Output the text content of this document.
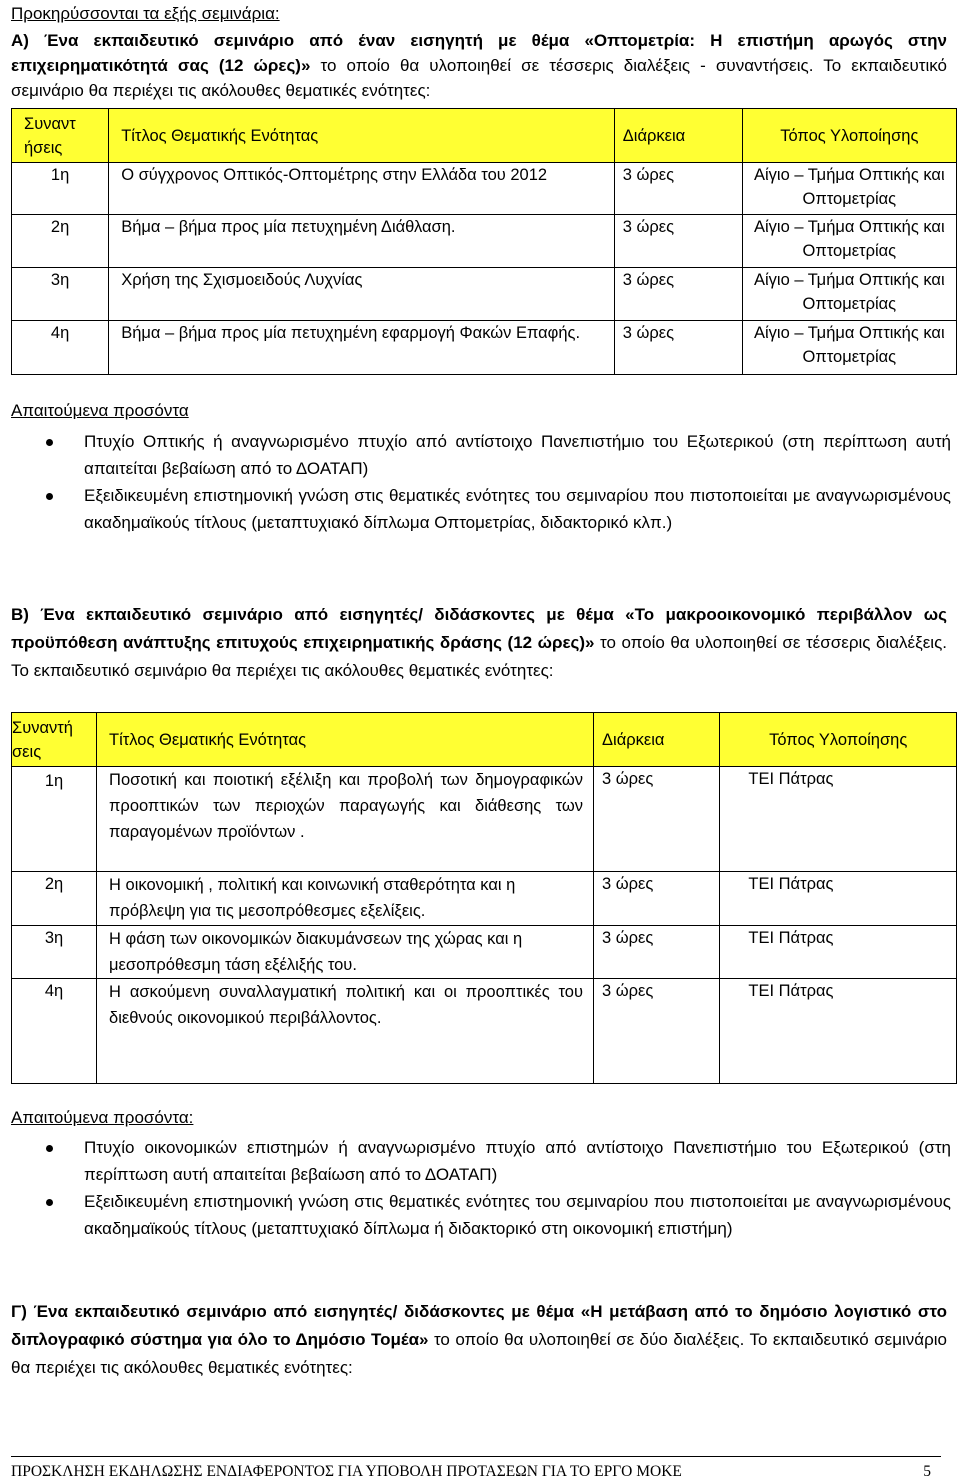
Προκηρύσσονται τα εξής σεμινάρια:

Α) Ένα εκπαιδευτικό σεμινάριο από έναν εισηγητή με θέμα «Οπτομετρία: Η επιστήμη αρωγός στην επιχειρηματικότητά σας (12 ώρες)» το οποίο θα υλοποιηθεί σε τέσσερις διαλέξεις - συναντήσεις. Το εκπαιδευτικό σεμινάριο θα περιέχει τις ακόλουθες θεματικές ενότητες:

Συναντ ήσεις	Τίτλος Θεματικής Ενότητας	Διάρκεια	Τόπος Υλοποίησης
1η	Ο σύγχρονος Οπτικός-Οπτομέτρης στην Ελλάδα του 2012	3 ώρες	Αίγιο – Τμήμα Οπτικής και Οπτομετρίας
2η	Βήμα – βήμα προς μία πετυχημένη Διάθλαση.	3 ώρες	Αίγιο – Τμήμα Οπτικής και Οπτομετρίας
3η	Χρήση της Σχισμοειδούς Λυχνίας	3 ώρες	Αίγιο – Τμήμα Οπτικής και Οπτομετρίας
4η	Βήμα – βήμα προς μία πετυχημένη εφαρμογή Φακών Επαφής.	3 ώρες	Αίγιο – Τμήμα Οπτικής και Οπτομετρίας
Απαιτούμενα προσόντα
Πτυχίο Οπτικής ή αναγνωρισμένο πτυχίο από αντίστοιχο Πανεπιστήμιο του Εξωτερικού (στη περίπτωση αυτή απαιτείται βεβαίωση από το ΔΟΑΤΑΠ)
Εξειδικευμένη επιστημονική γνώση στις θεματικές ενότητες του σεμιναρίου που πιστοποιείται με αναγνωρισμένους ακαδημαϊκούς τίτλους (μεταπτυχιακό δίπλωμα Οπτομετρίας, διδακτορικό κλπ.)

Β) Ένα εκπαιδευτικό σεμινάριο από εισηγητές/ διδάσκοντες με θέμα «Το μακροοικονομικό περιβάλλον ως προϋπόθεση ανάπτυξης επιτυχούς επιχειρηματικής δράσης (12 ώρες)» το οποίο θα υλοποιηθεί σε τέσσερις διαλέξεις. Το εκπαιδευτικό σεμινάριο θα περιέχει τις ακόλουθες θεματικές ενότητες:

Συναντή σεις	Τίτλος Θεματικής Ενότητας	Διάρκεια	Τόπος Υλοποίησης
1η	Ποσοτική και ποιοτική εξέλιξη και προβολή των δημογραφικών προοπτικών των περιοχών παραγωγής και διάθεσης των παραγομένων προϊόντων .	3 ώρες	ΤΕΙ Πάτρας
2η	Η οικονομική , πολιτική και κοινωνική σταθερότητα και η πρόβλεψη για τις μεσοπρόθεσμες εξελίξεις.	3 ώρες	ΤΕΙ Πάτρας
3η	Η φάση των οικονομικών διακυμάνσεων της χώρας και η μεσοπρόθεσμη τάση εξέλιξής του.	3 ώρες	ΤΕΙ Πάτρας
4η	Η ασκούμενη συναλλαγματική πολιτική και οι προοπτικές του διεθνούς οικονομικού περιβάλλοντος.	3 ώρες	ΤΕΙ Πάτρας
Απαιτούμενα προσόντα:
Πτυχίο οικονομικών επιστημών ή αναγνωρισμένο πτυχίο από αντίστοιχο Πανεπιστήμιο του Εξωτερικού (στη περίπτωση αυτή απαιτείται βεβαίωση από το ΔΟΑΤΑΠ)
Εξειδικευμένη επιστημονική γνώση στις θεματικές ενότητες του σεμιναρίου που πιστοποιείται με αναγνωρισμένους ακαδημαϊκούς τίτλους (μεταπτυχιακό δίπλωμα ή διδακτορικό στη οικονομική επιστήμη)

Γ) Ένα εκπαιδευτικό σεμινάριο από εισηγητές/ διδάσκοντες με θέμα «Η μετάβαση από το δημόσιο λογιστικό στο διπλογραφικό σύστημα για όλο το Δημόσιο Τομέα» το οποίο θα υλοποιηθεί σε δύο διαλέξεις. Το εκπαιδευτικό σεμινάριο θα περιέχει τις ακόλουθες θεματικές ενότητες:

ΠΡΟΣΚΛΗΣΗ ΕΚΔΗΛΩΣΗΣ ΕΝΔΙΑΦΕΡΟΝΤΟΣ ΓΙΑ ΥΠΟΒΟΛΗ ΠΡΟΤΑΣΕΩΝ ΓΙΑ ΤΟ ΕΡΓΟ ΜΟΚΕ	5
